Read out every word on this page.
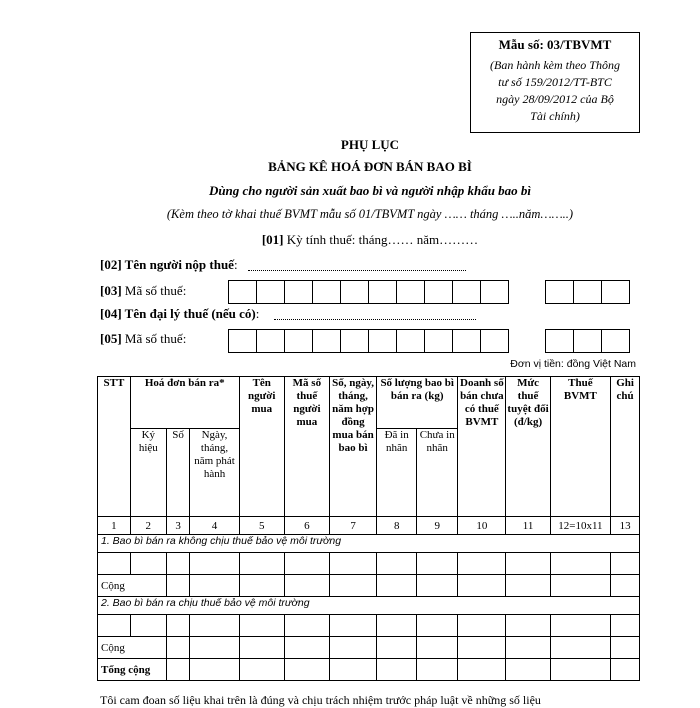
Mẫu số: 03/TBVMT
(Ban hành kèm theo Thông
tư số 159/2012/TT-BTC
ngày 28/09/2012 của Bộ
Tài chính)
PHỤ LỤC
BẢNG KÊ HOÁ ĐƠN BÁN BAO BÌ
Dùng cho người sản xuất bao bì và người nhập khẩu bao bì
(Kèm theo tờ khai thuế BVMT mẫu số 01/TBVMT ngày …… tháng …..năm……..)
[01] Kỳ tính thuế: tháng…… năm………
[02] Tên người nộp thuế:
[03] Mã số thuế:
[04] Tên đại lý thuế (nếu có):
[05] Mã số thuế:
Đơn vị tiền: đồng Việt Nam
STT	Hoá đơn bán ra*			Tên người mua	Mã số thuế người mua	Số, ngày, tháng, năm hợp đồng mua bán bao bì	Số lượng bao bì bán ra (kg)		Doanh số bán chưa có thuế BVMT	Mức thuế tuyệt đối (đ/kg)	Thuế BVMT	Ghi chú
	Ký hiệu	Số	Ngày, tháng, năm phát hành				Đã in nhãn	Chưa in nhãn				
1	2	3	4	5	6	7	8	9	10	11	12=10x11	13
1. Bao bì bán ra không chịu thuế bảo vệ môi trường												

Cộng												
2. Bao bì bán ra chịu thuế bảo vệ môi trường												

Cộng												
Tổng cộng												
Tôi cam đoan số liệu khai trên là đúng và chịu trách nhiệm trước pháp luật về những số liệu
